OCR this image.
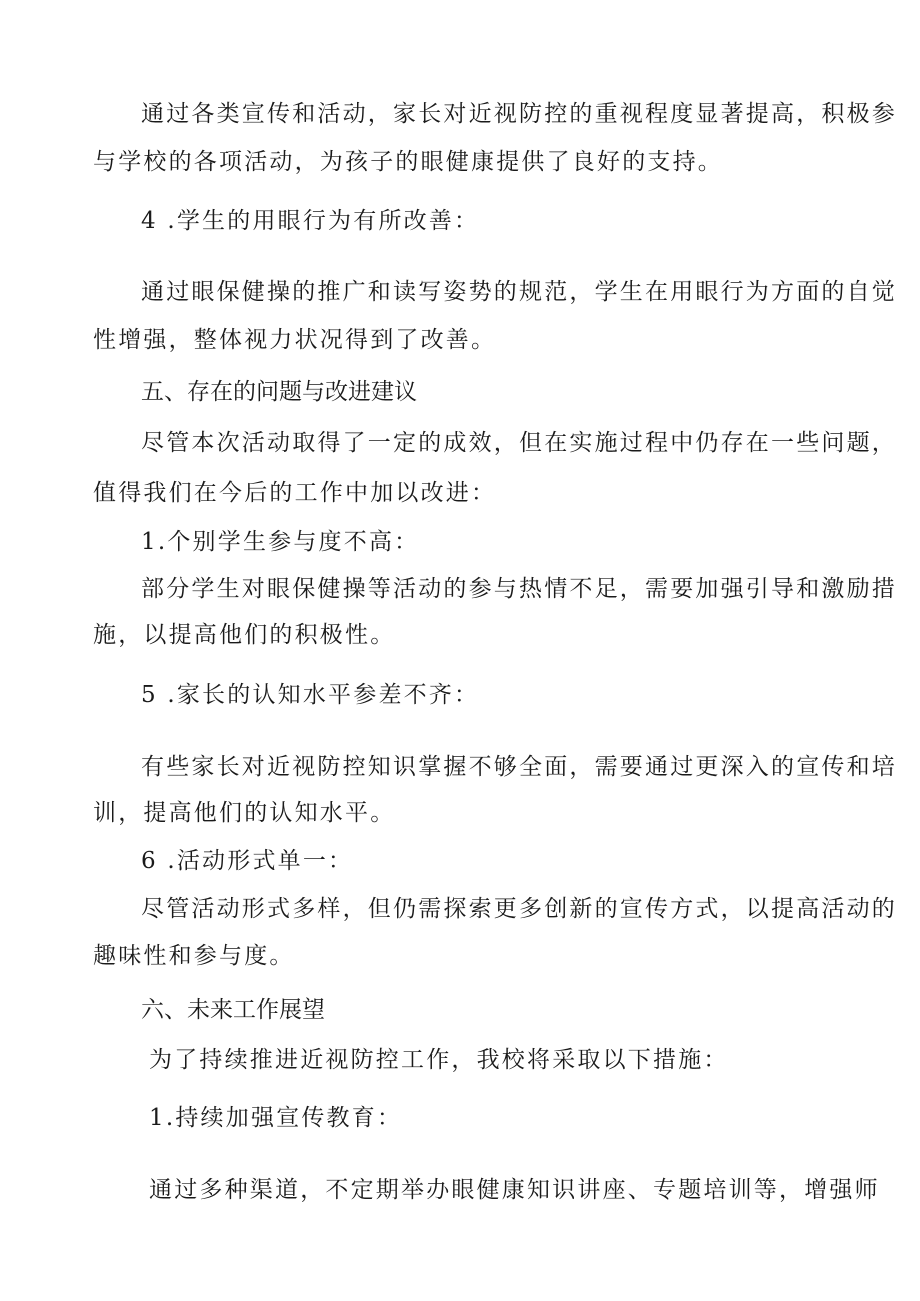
通过各类宣传和活动，家长对近视防控的重视程度显著提高，积极参

与学校的各项活动，为孩子的眼健康提供了良好的支持。

4 .学生的用眼行为有所改善：

通过眼保健操的推广和读写姿势的规范，学生在用眼行为方面的自觉

性增强，整体视力状况得到了改善。

五、存在的问题与改进建议

尽管本次活动取得了一定的成效，但在实施过程中仍存在一些问题，

值得我们在今后的工作中加以改进：

1.个别学生参与度不高：

部分学生对眼保健操等活动的参与热情不足，需要加强引导和激励措

施，以提高他们的积极性。

5 .家长的认知水平参差不齐：

有些家长对近视防控知识掌握不够全面，需要通过更深入的宣传和培

训，提高他们的认知水平。

6 .活动形式单一：

尽管活动形式多样，但仍需探索更多创新的宣传方式，以提高活动的

趣味性和参与度。

六、未来工作展望

为了持续推进近视防控工作，我校将采取以下措施：

1.持续加强宣传教育：

通过多种渠道，不定期举办眼健康知识讲座、专题培训等，增强师
